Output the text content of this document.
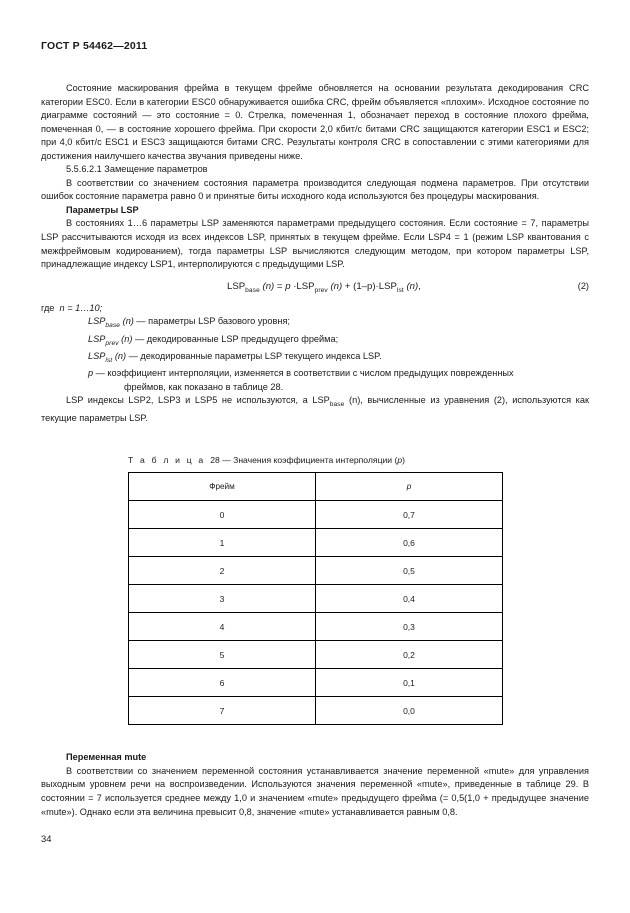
ГОСТ Р 54462—2011

Состояние маскирования фрейма в текущем фрейме обновляется на основании результата декодирования CRC категории ESC0. Если в категории ESC0 обнаруживается ошибка CRC, фрейм объявляется «плохим». Исходное состояние по диаграмме состояний — это состояние = 0. Стрелка, помеченная 1, обозначает переход в состояние плохого фрейма, помеченная 0, — в состояние хорошего фрейма. При скорости 2,0 кбит/с битами CRC защищаются категории ESC1 и ESC2; при 4,0 кбит/с ESC1 и ESC3 защищаются битами CRC. Результаты контроля CRC в сопоставлении с этими категориями для достижения наилучшего качества звучания приведены ниже.

5.5.6.2.1 Замещение параметров

В соответствии со значением состояния параметра производится следующая подмена параметров. При отсутствии ошибок состояние параметра равно 0 и принятые биты исходного кода используются без процедуры маскирования.

Параметры LSP

В состояниях 1…6 параметры LSP заменяются параметрами предыдущего состояния. Если состояние = 7, параметры LSP рассчитываются исходя из всех индексов LSP, принятых в текущем фрейме. Если LSP4 = 1 (режим LSP квантования с межфреймовым кодированием), тогда параметры LSP вычисляются следующим методом, при котором параметры LSP, принадлежащие индексу LSP1, интерполируются с предыдущими LSP.

$LSP_{base}$ $(n) = p \cdot LSP_{prev}$ $(n) + (1-p)\cdot LSP_{lst}$ (n),	(2)

где n = 1…10;

$LSP_{base}$ (n) — параметры LSP базового уровня;

$LSP_{prev}$ (n) — декодированные LSP предыдущего фрейма;

$LSP_{lst}$ (n) — декодированные параметры LSP текущего индекса LSP.

p — коэффициент интерполяции, изменяется в соответствии с числом предыдущих поврежденных

фреймов, как показано в таблице 28.

LSP индексы LSP2, LSP3 и LSP5 не используются, а $LSP_{base}$ (n), вычисленные из уравнения (2), используются как текущие параметры LSP.

Т а б л и ц а 28 — Значения коэффициента интерполяции (p)
Фрейм	p
0	0,7
1	0,6
2	0,5
3	0,4
4	0,3
5	0,2
6	0,1
7	0,0

Переменная mute

В соответствии со значением переменной состояния устанавливается значение переменной «mute» для управления выходным уровнем речи на воспроизведении. Используются значения переменной «mute», приведенные в таблице 29. В состоянии = 7 используется среднее между 1,0 и значением «mute» предыдущего фрейма (= 0,5(1,0 + предыдущее значение «mute»). Однако если эта величина превысит 0,8, значение «mute» устанавливается равным 0,8.

34
